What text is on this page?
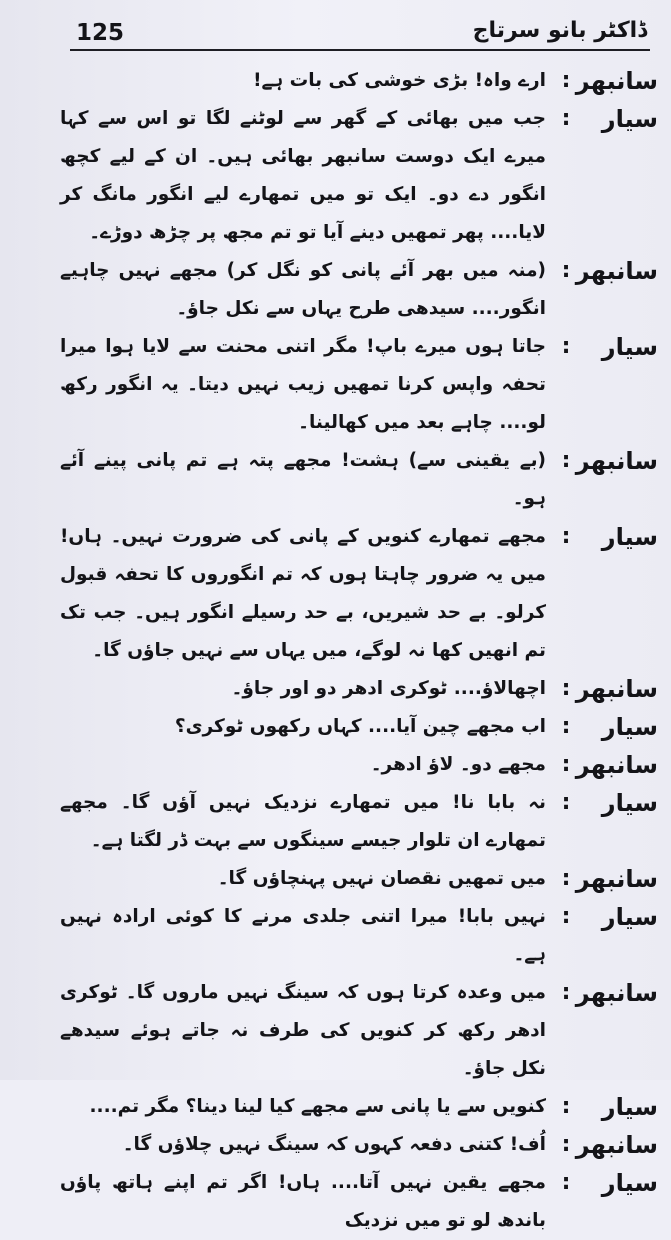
125	ڈاکٹر بانو سرتاج
سانبھر
:
ارے واہ! بڑی خوشی کی بات ہے!
سیار
:
جب میں بھائی کے گھر سے لوٹنے لگا تو اس سے کہا میرے ایک دوست سانبھر بھائی ہیں۔ ان کے لیے کچھ انگور دے دو۔ ایک تو میں تمھارے لیے انگور مانگ کر لایا.... پھر تمھیں دینے آیا تو تم مجھ پر چڑھ دوڑے۔
سانبھر
:
(منہ میں بھر آئے پانی کو نگل کر) مجھے نہیں چاہیے انگور.... سیدھی طرح یہاں سے نکل جاؤ۔
سیار
:
جاتا ہوں میرے باپ! مگر اتنی محنت سے لایا ہوا میرا تحفہ واپس کرنا تمھیں زیب نہیں دیتا۔ یہ انگور رکھ لو.... چاہے بعد میں کھالینا۔
سانبھر
:
(بے یقینی سے) ہشت! مجھے پتہ ہے تم پانی پینے آئے ہو۔
سیار
:
مجھے تمھارے کنویں کے پانی کی ضرورت نہیں۔ ہاں! میں یہ ضرور چاہتا ہوں کہ تم انگوروں کا تحفہ قبول کرلو۔ بے حد شیریں، بے حد رسیلے انگور ہیں۔ جب تک تم انھیں کھا نہ لوگے، میں یہاں سے نہیں جاؤں گا۔
سانبھر
:
اچھالاؤ.... ٹوکری ادھر دو اور جاؤ۔
سیار
:
اب مجھے چین آیا.... کہاں رکھوں ٹوکری؟
سانبھر
:
مجھے دو۔ لاؤ ادھر۔
سیار
:
نہ بابا نا! میں تمھارے نزدیک نہیں آؤں گا۔ مجھے تمھارے ان تلوار جیسے سینگوں سے بہت ڈر لگتا ہے۔
سانبھر
:
میں تمھیں نقصان نہیں پہنچاؤں گا۔
سیار
:
نہیں بابا! میرا اتنی جلدی مرنے کا کوئی ارادہ نہیں ہے۔
سانبھر
:
میں وعدہ کرتا ہوں کہ سینگ نہیں ماروں گا۔ ٹوکری ادھر رکھ کر کنویں کی طرف نہ جاتے ہوئے سیدھے نکل جاؤ۔
سیار
:
کنویں سے یا پانی سے مجھے کیا لینا دینا؟ مگر تم....
سانبھر
:
اُف! کتنی دفعہ کہوں کہ سینگ نہیں چلاؤں گا۔
سیار
:
مجھے یقین نہیں آتا.... ہاں! اگر تم اپنے ہاتھ پاؤں باندھ لو تو میں نزدیک
